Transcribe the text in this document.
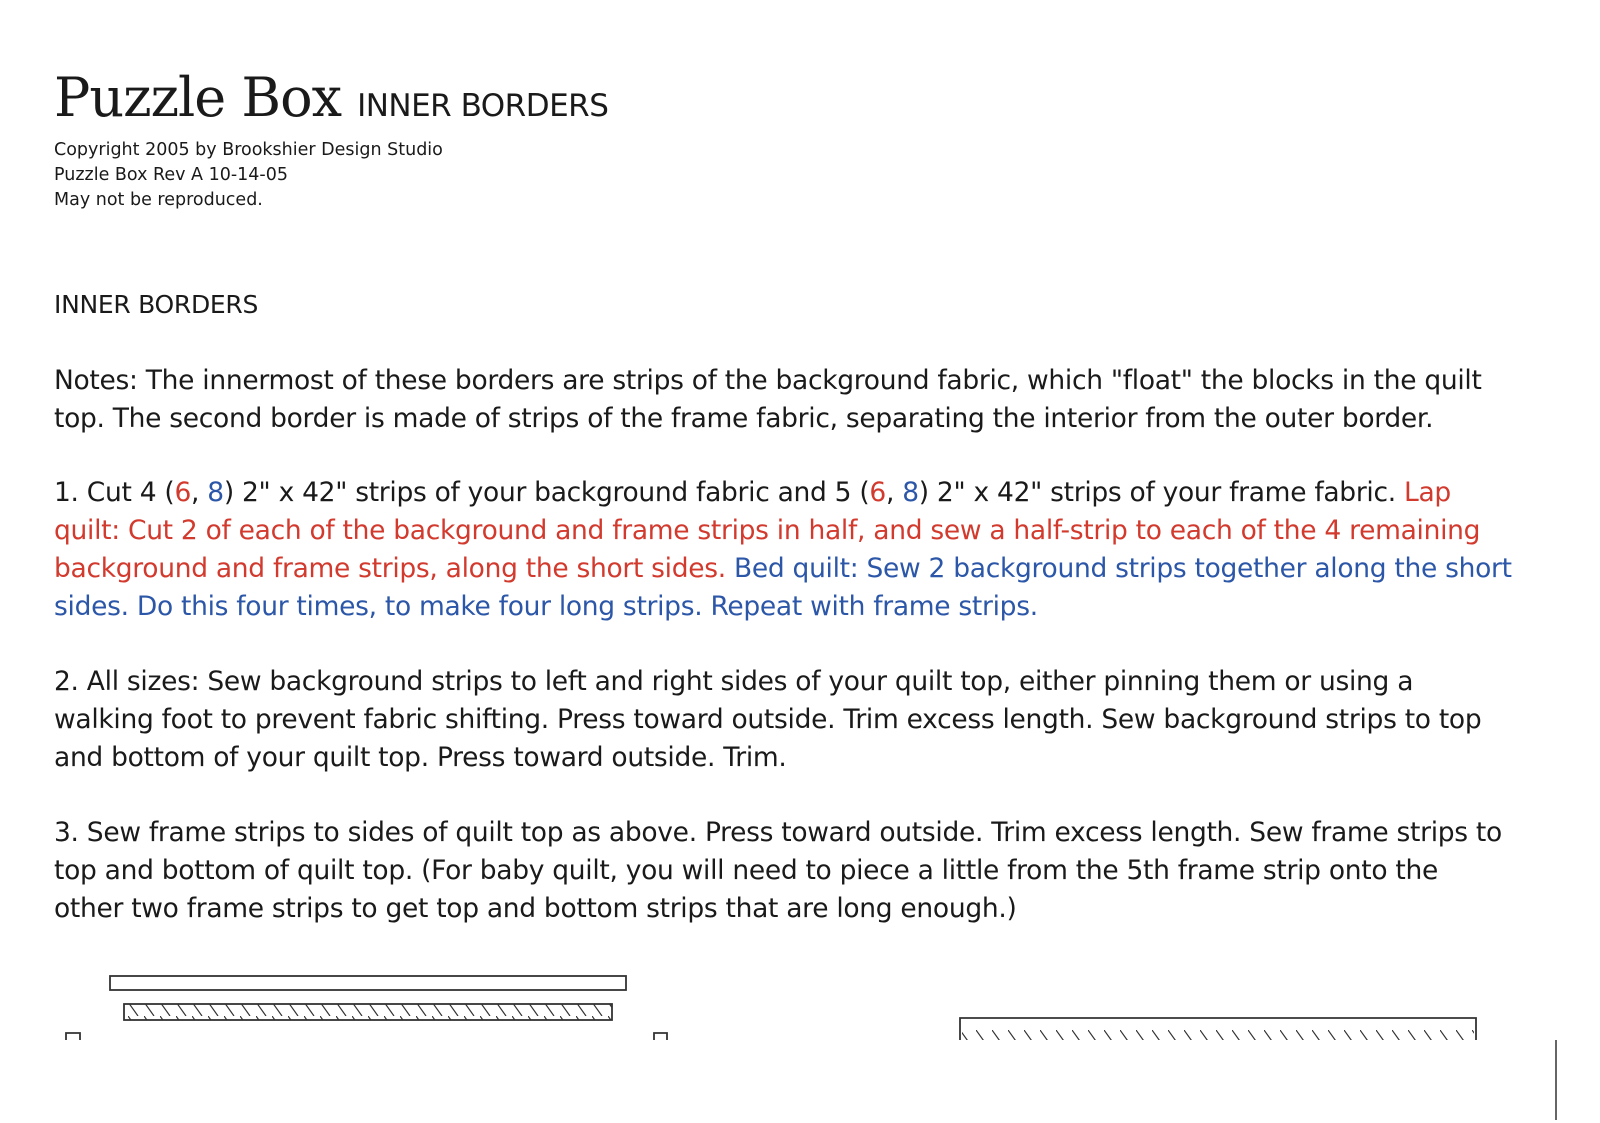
Puzzle Box INNER BORDERS
Copyright 2005 by Brookshier Design Studio
Puzzle Box Rev A 10-14-05
May not be reproduced.
INNER BORDERS
Notes: The innermost of these borders are strips of the background fabric, which "float" the blocks in the quilt top. The second border is made of strips of the frame fabric, separating the interior from the outer border.
1. Cut 4 (6, 8) 2" x 42" strips of your background fabric and 5 (6, 8) 2" x 42" strips of your frame fabric. Lap quilt: Cut 2 of each of the background and frame strips in half, and sew a half-strip to each of the 4 remaining background and frame strips, along the short sides. Bed quilt: Sew 2 background strips together along the short sides. Do this four times, to make four long strips. Repeat with frame strips.
2. All sizes: Sew background strips to left and right sides of your quilt top, either pinning them or using a walking foot to prevent fabric shifting. Press toward outside. Trim excess length. Sew background strips to top and bottom of your quilt top. Press toward outside. Trim.
3. Sew frame strips to sides of quilt top as above. Press toward outside. Trim excess length. Sew frame strips to top and bottom of quilt top. (For baby quilt, you will need to piece a little from the 5th frame strip onto the other two frame strips to get top and bottom strips that are long enough.)
